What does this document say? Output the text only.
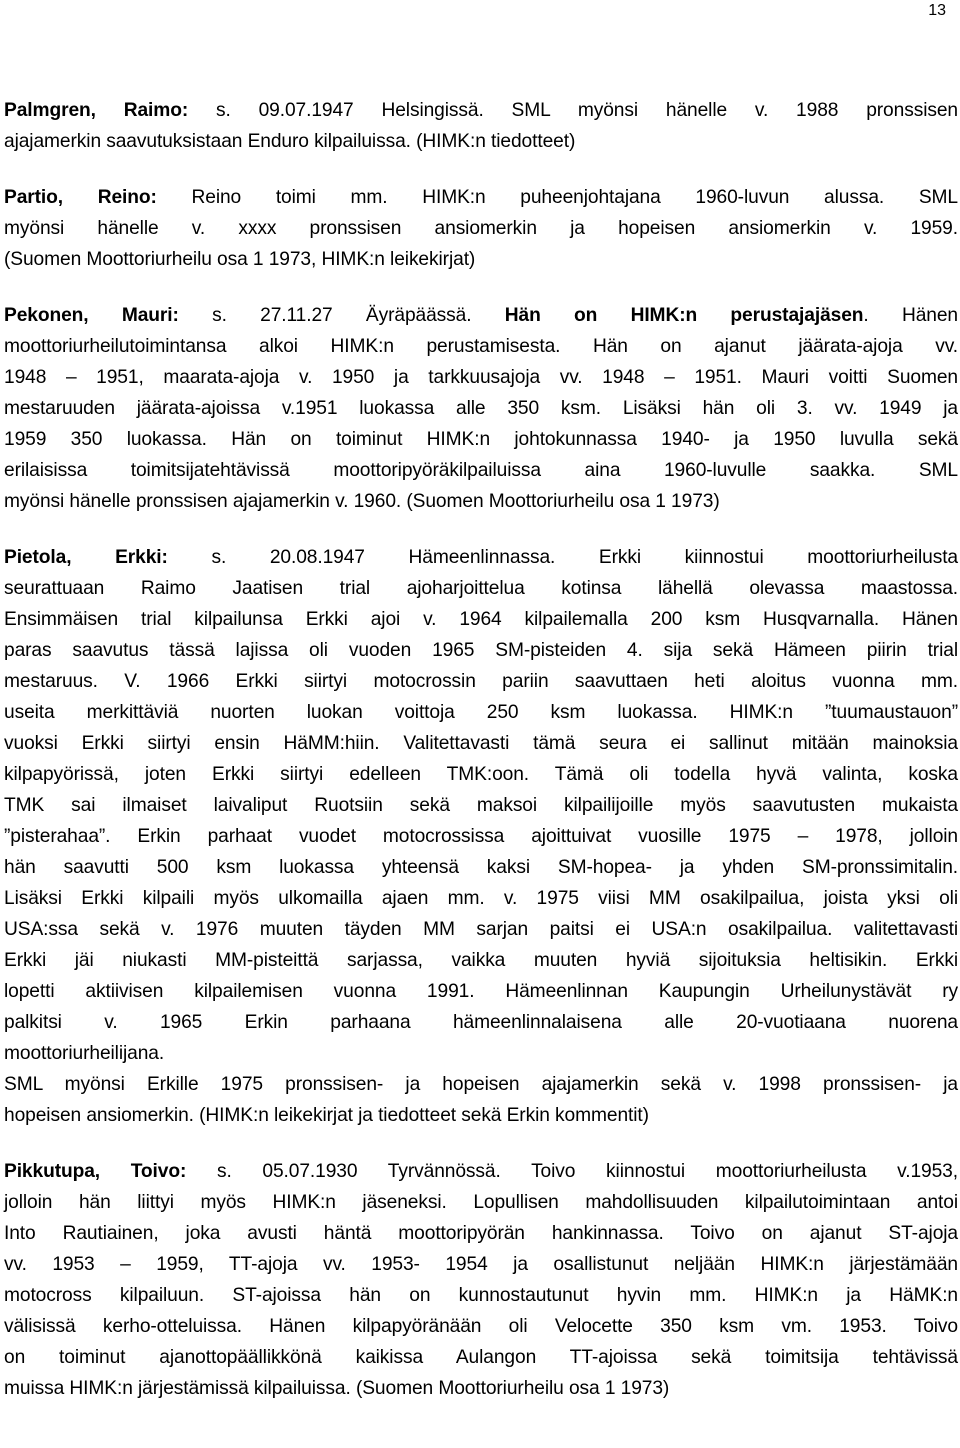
13
Palmgren, Raimo: s. 09.07.1947 Helsingissä. SML myönsi hänelle v. 1988 pronssisen
ajajamerkin saavutuksistaan Enduro kilpailuissa. (HIMK:n tiedotteet)
Partio, Reino: Reino toimi mm. HIMK:n puheenjohtajana 1960-luvun alussa. SML
myönsi hänelle v. xxxx pronssisen ansiomerkin ja hopeisen ansiomerkin v. 1959.
(Suomen Moottoriurheilu osa 1 1973, HIMK:n leikekirjat)
Pekonen, Mauri: s. 27.11.27 Äyräpäässä. Hän on HIMK:n perustajajäsen. Hänen
moottoriurheilutoimintansa alkoi HIMK:n perustamisesta. Hän on ajanut jäärata-ajoja vv.
1948 – 1951, maarata-ajoja v. 1950 ja tarkkuusajoja vv. 1948 – 1951. Mauri voitti Suomen
mestaruuden jäärata-ajoissa v.1951 luokassa alle 350 ksm. Lisäksi hän oli 3. vv. 1949 ja
1959 350 luokassa. Hän on toiminut HIMK:n johtokunnassa 1940- ja 1950 luvulla sekä
erilaisissa toimitsijatehtävissä moottoripyöräkilpailuissa aina 1960-luvulle saakka. SML
myönsi hänelle pronssisen ajajamerkin v. 1960. (Suomen Moottoriurheilu osa 1 1973)
Pietola, Erkki: s. 20.08.1947 Hämeenlinnassa. Erkki kiinnostui moottoriurheilusta
seurattuaan Raimo Jaatisen trial ajoharjoittelua kotinsa lähellä olevassa maastossa.
Ensimmäisen trial kilpailunsa Erkki ajoi v. 1964 kilpailemalla 200 ksm Husqvarnalla. Hänen
paras saavutus tässä lajissa oli vuoden 1965 SM-pisteiden 4. sija sekä Hämeen piirin trial
mestaruus. V. 1966 Erkki siirtyi motocrossin pariin saavuttaen heti aloitus vuonna mm.
useita merkittäviä nuorten luokan voittoja 250 ksm luokassa. HIMK:n ”tuumaustauon”
vuoksi Erkki siirtyi ensin HäMM:hiin. Valitettavasti tämä seura ei sallinut mitään mainoksia
kilpapyörissä, joten Erkki siirtyi edelleen TMK:oon. Tämä oli todella hyvä valinta, koska
TMK sai ilmaiset laivaliput Ruotsiin sekä maksoi kilpailijoille myös saavutusten mukaista
”pisterahaa”. Erkin parhaat vuodet motocrossissa ajoittuivat vuosille 1975 – 1978, jolloin
hän saavutti 500 ksm luokassa yhteensä kaksi SM-hopea- ja yhden SM-pronssimitalin.
Lisäksi Erkki kilpaili myös ulkomailla ajaen mm. v. 1975 viisi MM osakilpailua, joista yksi oli
USA:ssa sekä v. 1976 muuten täyden MM sarjan paitsi ei USA:n osakilpailua. valitettavasti
Erkki jäi niukasti MM-pisteittä sarjassa, vaikka muuten hyviä sijoituksia heltisikin. Erkki
lopetti aktiivisen kilpailemisen vuonna 1991. Hämeenlinnan Kaupungin Urheilunystävät ry
palkitsi v. 1965 Erkin parhaana hämeenlinnalaisena alle 20-vuotiaana nuorena
moottoriurheilijana.
SML myönsi Erkille 1975 pronssisen- ja hopeisen ajajamerkin sekä v. 1998 pronssisen- ja
hopeisen ansiomerkin. (HIMK:n leikekirjat ja tiedotteet sekä Erkin kommentit)
Pikkutupa, Toivo: s. 05.07.1930 Tyrvännössä. Toivo kiinnostui moottoriurheilusta v.1953,
jolloin hän liittyi myös HIMK:n jäseneksi. Lopullisen mahdollisuuden kilpailutoimintaan antoi
Into Rautiainen, joka avusti häntä moottoripyörän hankinnassa. Toivo on ajanut ST-ajoja
vv. 1953 – 1959, TT-ajoja vv. 1953- 1954 ja osallistunut neljään HIMK:n järjestämään
motocross kilpailuun. ST-ajoissa hän on kunnostautunut hyvin mm. HIMK:n ja HäMK:n
välisissä kerho-otteluissa. Hänen kilpapyöränään oli Velocette 350 ksm vm. 1953. Toivo
on toiminut ajanottopäällikkönä kaikissa Aulangon TT-ajoissa sekä toimitsija tehtävissä
muissa HIMK:n järjestämissä kilpailuissa. (Suomen Moottoriurheilu osa 1 1973)
